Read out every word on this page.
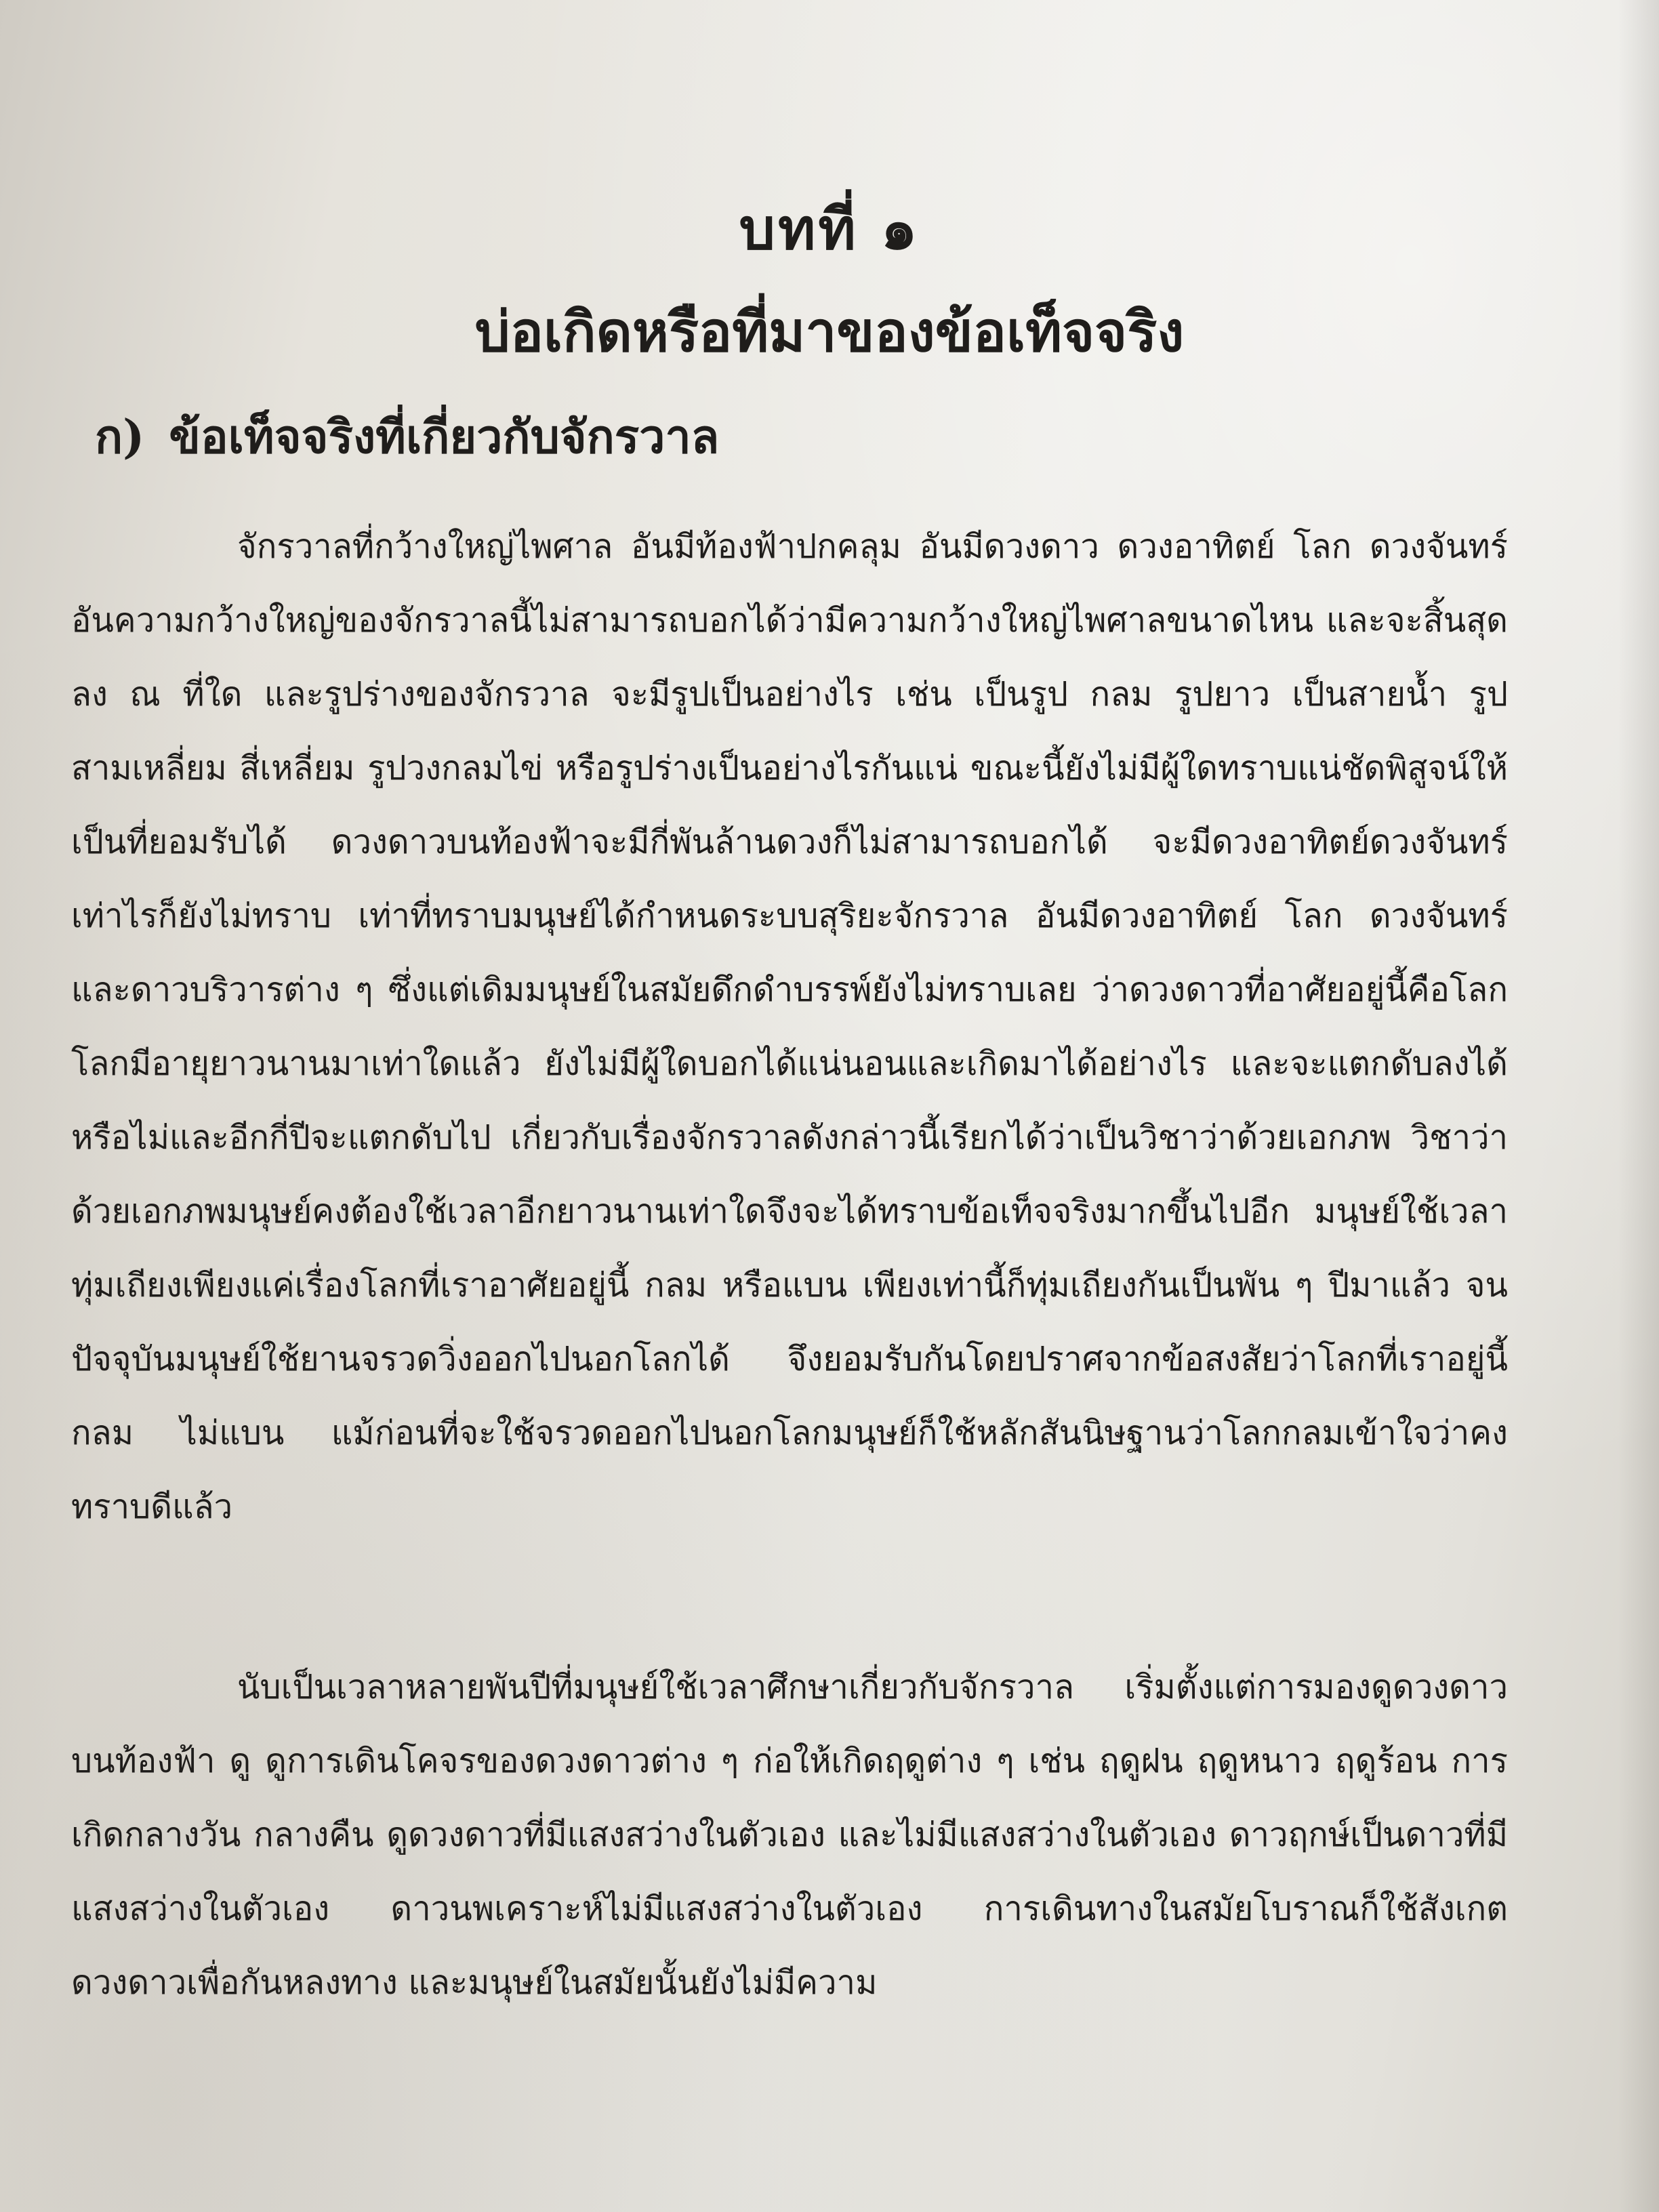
บทที่ ๑
บ่อเกิดหรือที่มาของข้อเท็จจริง
ก) ข้อเท็จจริงที่เกี่ยวกับจักรวาล

จักรวาลที่กว้างใหญ่ไพศาล อันมีท้องฟ้าปกคลุม อันมีดวงดาว ดวงอาทิตย์ โลก ดวงจันทร์ อันความกว้างใหญ่ของจักรวาลนี้ไม่สามารถบอกได้ว่ามีความกว้างใหญ่ไพศาลขนาดไหน และจะสิ้นสุดลง ณ ที่ใด และรูปร่างของจักรวาล จะมีรูปเป็นอย่างไร เช่น เป็นรูป กลม รูปยาว เป็นสายน้ำ รูปสามเหลี่ยม สี่เหลี่ยม รูปวงกลมไข่ หรือรูปร่างเป็นอย่างไรกันแน่ ขณะนี้ยังไม่มีผู้ใดทราบแน่ชัดพิสูจน์ให้เป็นที่ยอมรับได้ ดวงดาวบนท้องฟ้าจะมีกี่พันล้านดวงก็ไม่สามารถบอกได้ จะมีดวงอาทิตย์ดวงจันทร์เท่าไรก็ยังไม่ทราบ เท่าที่ทราบมนุษย์ได้กำหนดระบบสุริยะจักรวาล อันมีดวงอาทิตย์ โลก ดวงจันทร์ และดาวบริวารต่าง ๆ ซึ่งแต่เดิมมนุษย์ในสมัยดึกดำบรรพ์ยังไม่ทราบเลย ว่าดวงดาวที่อาศัยอยู่นี้คือโลก โลกมีอายุยาวนานมาเท่าใดแล้ว ยังไม่มีผู้ใดบอกได้แน่นอนและเกิดมาได้อย่างไร และจะแตกดับลงได้หรือไม่และอีกกี่ปีจะแตกดับไป เกี่ยวกับเรื่องจักรวาลดังกล่าวนี้เรียกได้ว่าเป็นวิชาว่าด้วยเอกภพ วิชาว่าด้วยเอกภพมนุษย์คงต้องใช้เวลาอีกยาวนานเท่าใดจึงจะได้ทราบข้อเท็จจริงมากขึ้นไปอีก มนุษย์ใช้เวลาทุ่มเถียงเพียงแค่เรื่องโลกที่เราอาศัยอยู่นี้ กลม หรือแบน เพียงเท่านี้ก็ทุ่มเถียงกันเป็นพัน ๆ ปีมาแล้ว จนปัจจุบันมนุษย์ใช้ยานจรวดวิ่งออกไปนอกโลกได้ จึงยอมรับกันโดยปราศจากข้อสงสัยว่าโลกที่เราอยู่นี้กลม ไม่แบน แม้ก่อนที่จะใช้จรวดออกไปนอกโลกมนุษย์ก็ใช้หลักสันนิษฐานว่าโลกกลมเข้าใจว่าคงทราบดีแล้ว

นับเป็นเวลาหลายพันปีที่มนุษย์ใช้เวลาศึกษาเกี่ยวกับจักรวาล เริ่มตั้งแต่การมองดูดวงดาวบนท้องฟ้า ดู ดูการเดินโคจรของดวงดาวต่าง ๆ ก่อให้เกิดฤดูต่าง ๆ เช่น ฤดูฝน ฤดูหนาว ฤดูร้อน การเกิดกลางวัน กลางคืน ดูดวงดาวที่มีแสงสว่างในตัวเอง และไม่มีแสงสว่างในตัวเอง ดาวฤกษ์เป็นดาวที่มีแสงสว่างในตัวเอง ดาวนพเคราะห์ไม่มีแสงสว่างในตัวเอง การเดินทางในสมัยโบราณก็ใช้สังเกตดวงดาวเพื่อกันหลงทาง และมนุษย์ในสมัยนั้นยังไม่มีความ
